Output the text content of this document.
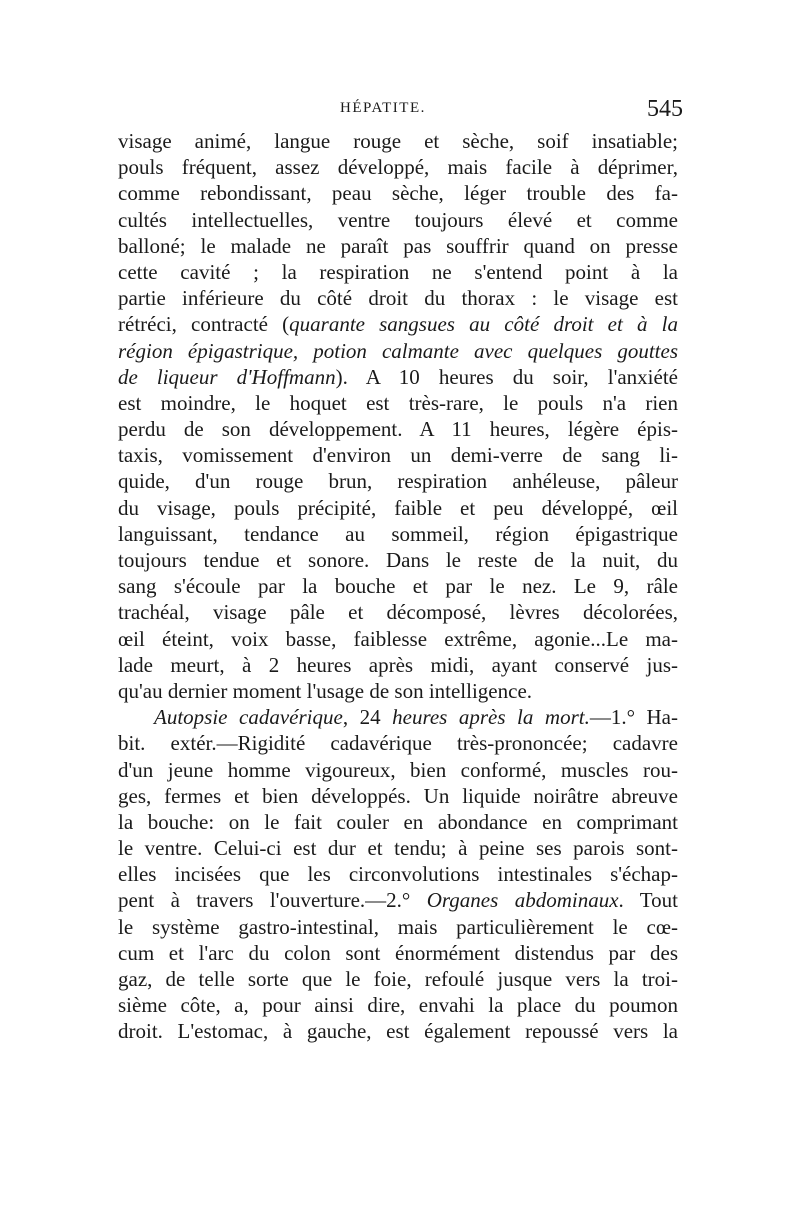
HÉPATITE.	545
visage animé, langue rouge et sèche, soif insatiable;
pouls fréquent, assez développé, mais facile à déprimer,
comme rebondissant, peau sèche, léger trouble des fa-
cultés intellectuelles, ventre toujours élevé et comme
balloné; le malade ne paraît pas souffrir quand on presse
cette cavité ; la respiration ne s'entend point à la
partie inférieure du côté droit du thorax : le visage est
rétréci, contracté (quarante sangsues au côté droit et à la
région épigastrique, potion calmante avec quelques gouttes
de liqueur d'Hoffmann). A 10 heures du soir, l'anxiété
est moindre, le hoquet est très-rare, le pouls n'a rien
perdu de son développement. A 11 heures, légère épis-
taxis, vomissement d'environ un demi-verre de sang li-
quide, d'un rouge brun, respiration anhéleuse, pâleur
du visage, pouls précipité, faible et peu développé, œil
languissant, tendance au sommeil, région épigastrique
toujours tendue et sonore. Dans le reste de la nuit, du
sang s'écoule par la bouche et par le nez. Le 9, râle
trachéal, visage pâle et décomposé, lèvres décolorées,
œil éteint, voix basse, faiblesse extrême, agonie...Le ma-
lade meurt, à 2 heures après midi, ayant conservé jus-
qu'au dernier moment l'usage de son intelligence.
Autopsie cadavérique, 24 heures après la mort.—1.° Ha-
bit. extér.—Rigidité cadavérique très-prononcée; cadavre
d'un jeune homme vigoureux, bien conformé, muscles rou-
ges, fermes et bien développés. Un liquide noirâtre abreuve
la bouche: on le fait couler en abondance en comprimant
le ventre. Celui-ci est dur et tendu; à peine ses parois sont-
elles incisées que les circonvolutions intestinales s'échap-
pent à travers l'ouverture.—2.° Organes abdominaux. Tout
le système gastro-intestinal, mais particulièrement le cœ-
cum et l'arc du colon sont énormément distendus par des
gaz, de telle sorte que le foie, refoulé jusque vers la troi-
sième côte, a, pour ainsi dire, envahi la place du poumon
droit. L'estomac, à gauche, est également repoussé vers la
